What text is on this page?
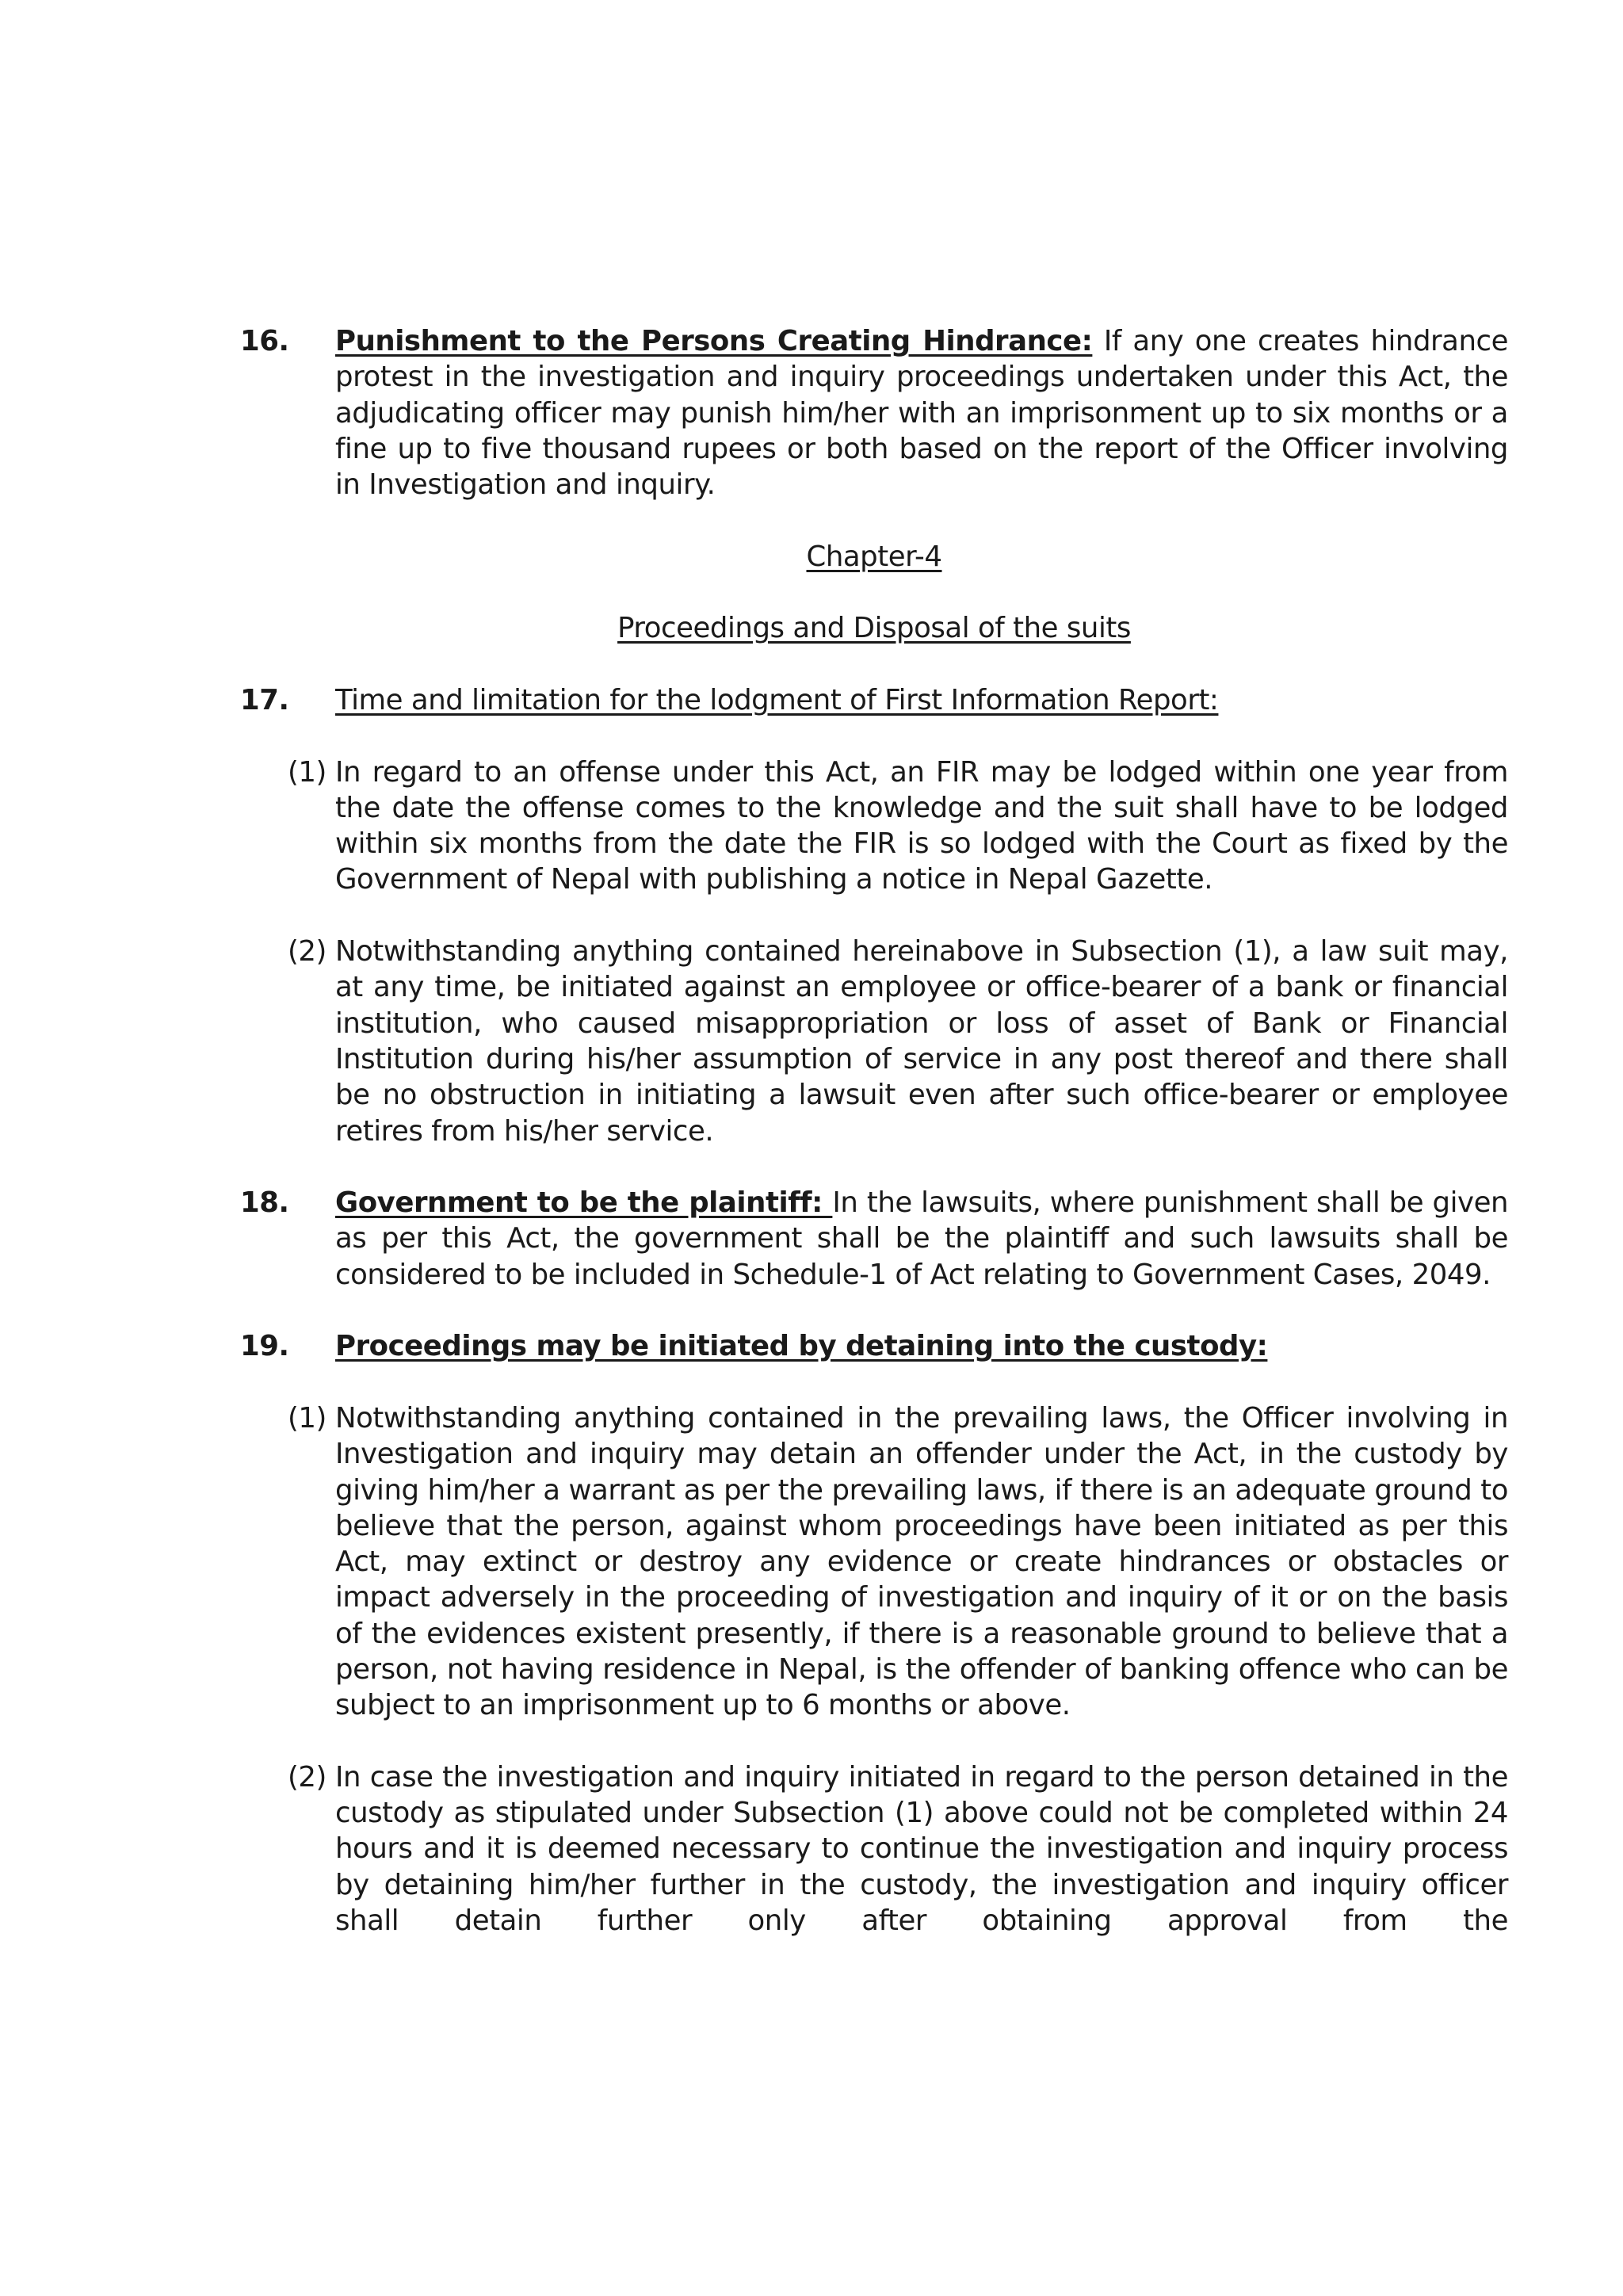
16. Punishment to the Persons Creating Hindrance: If any one creates hindrance protest in the investigation and inquiry proceedings undertaken under this Act, the adjudicating officer may punish him/her with an imprisonment up to six months or a fine up to five thousand rupees or both based on the report of the Officer involving in Investigation and inquiry.
Chapter-4
Proceedings and Disposal of the suits
17. Time and limitation for the lodgment of First Information Report:
(1) In regard to an offense under this Act, an FIR may be lodged within one year from the date the offense comes to the knowledge and the suit shall have to be lodged within six months from the date the FIR is so lodged with the Court as fixed by the Government of Nepal with publishing a notice in Nepal Gazette.
(2) Notwithstanding anything contained hereinabove in Subsection (1), a law suit may, at any time, be initiated against an employee or office-bearer of a bank or financial institution, who caused misappropriation or loss of asset of Bank or Financial Institution during his/her assumption of service in any post thereof and there shall be no obstruction in initiating a lawsuit even after such office-bearer or employee retires from his/her service.
18. Government to be the plaintiff: In the lawsuits, where punishment shall be given as per this Act, the government shall be the plaintiff and such lawsuits shall be considered to be included in Schedule-1 of Act relating to Government Cases, 2049.
19. Proceedings may be initiated by detaining into the custody:
(1) Notwithstanding anything contained in the prevailing laws, the Officer involving in Investigation and inquiry may detain an offender under the Act, in the custody by giving him/her a warrant as per the prevailing laws, if there is an adequate ground to believe that the person, against whom proceedings have been initiated as per this Act, may extinct or destroy any evidence or create hindrances or obstacles or impact adversely in the proceeding of investigation and inquiry of it or on the basis of the evidences existent presently, if there is a reasonable ground to believe that a person, not having residence in Nepal, is the offender of banking offence who can be subject to an imprisonment up to 6 months or above.
(2) In case the investigation and inquiry initiated in regard to the person detained in the custody as stipulated under Subsection (1) above could not be completed within 24 hours and it is deemed necessary to continue the investigation and inquiry process by detaining him/her further in the custody, the investigation and inquiry officer shall detain further only after obtaining approval from the
